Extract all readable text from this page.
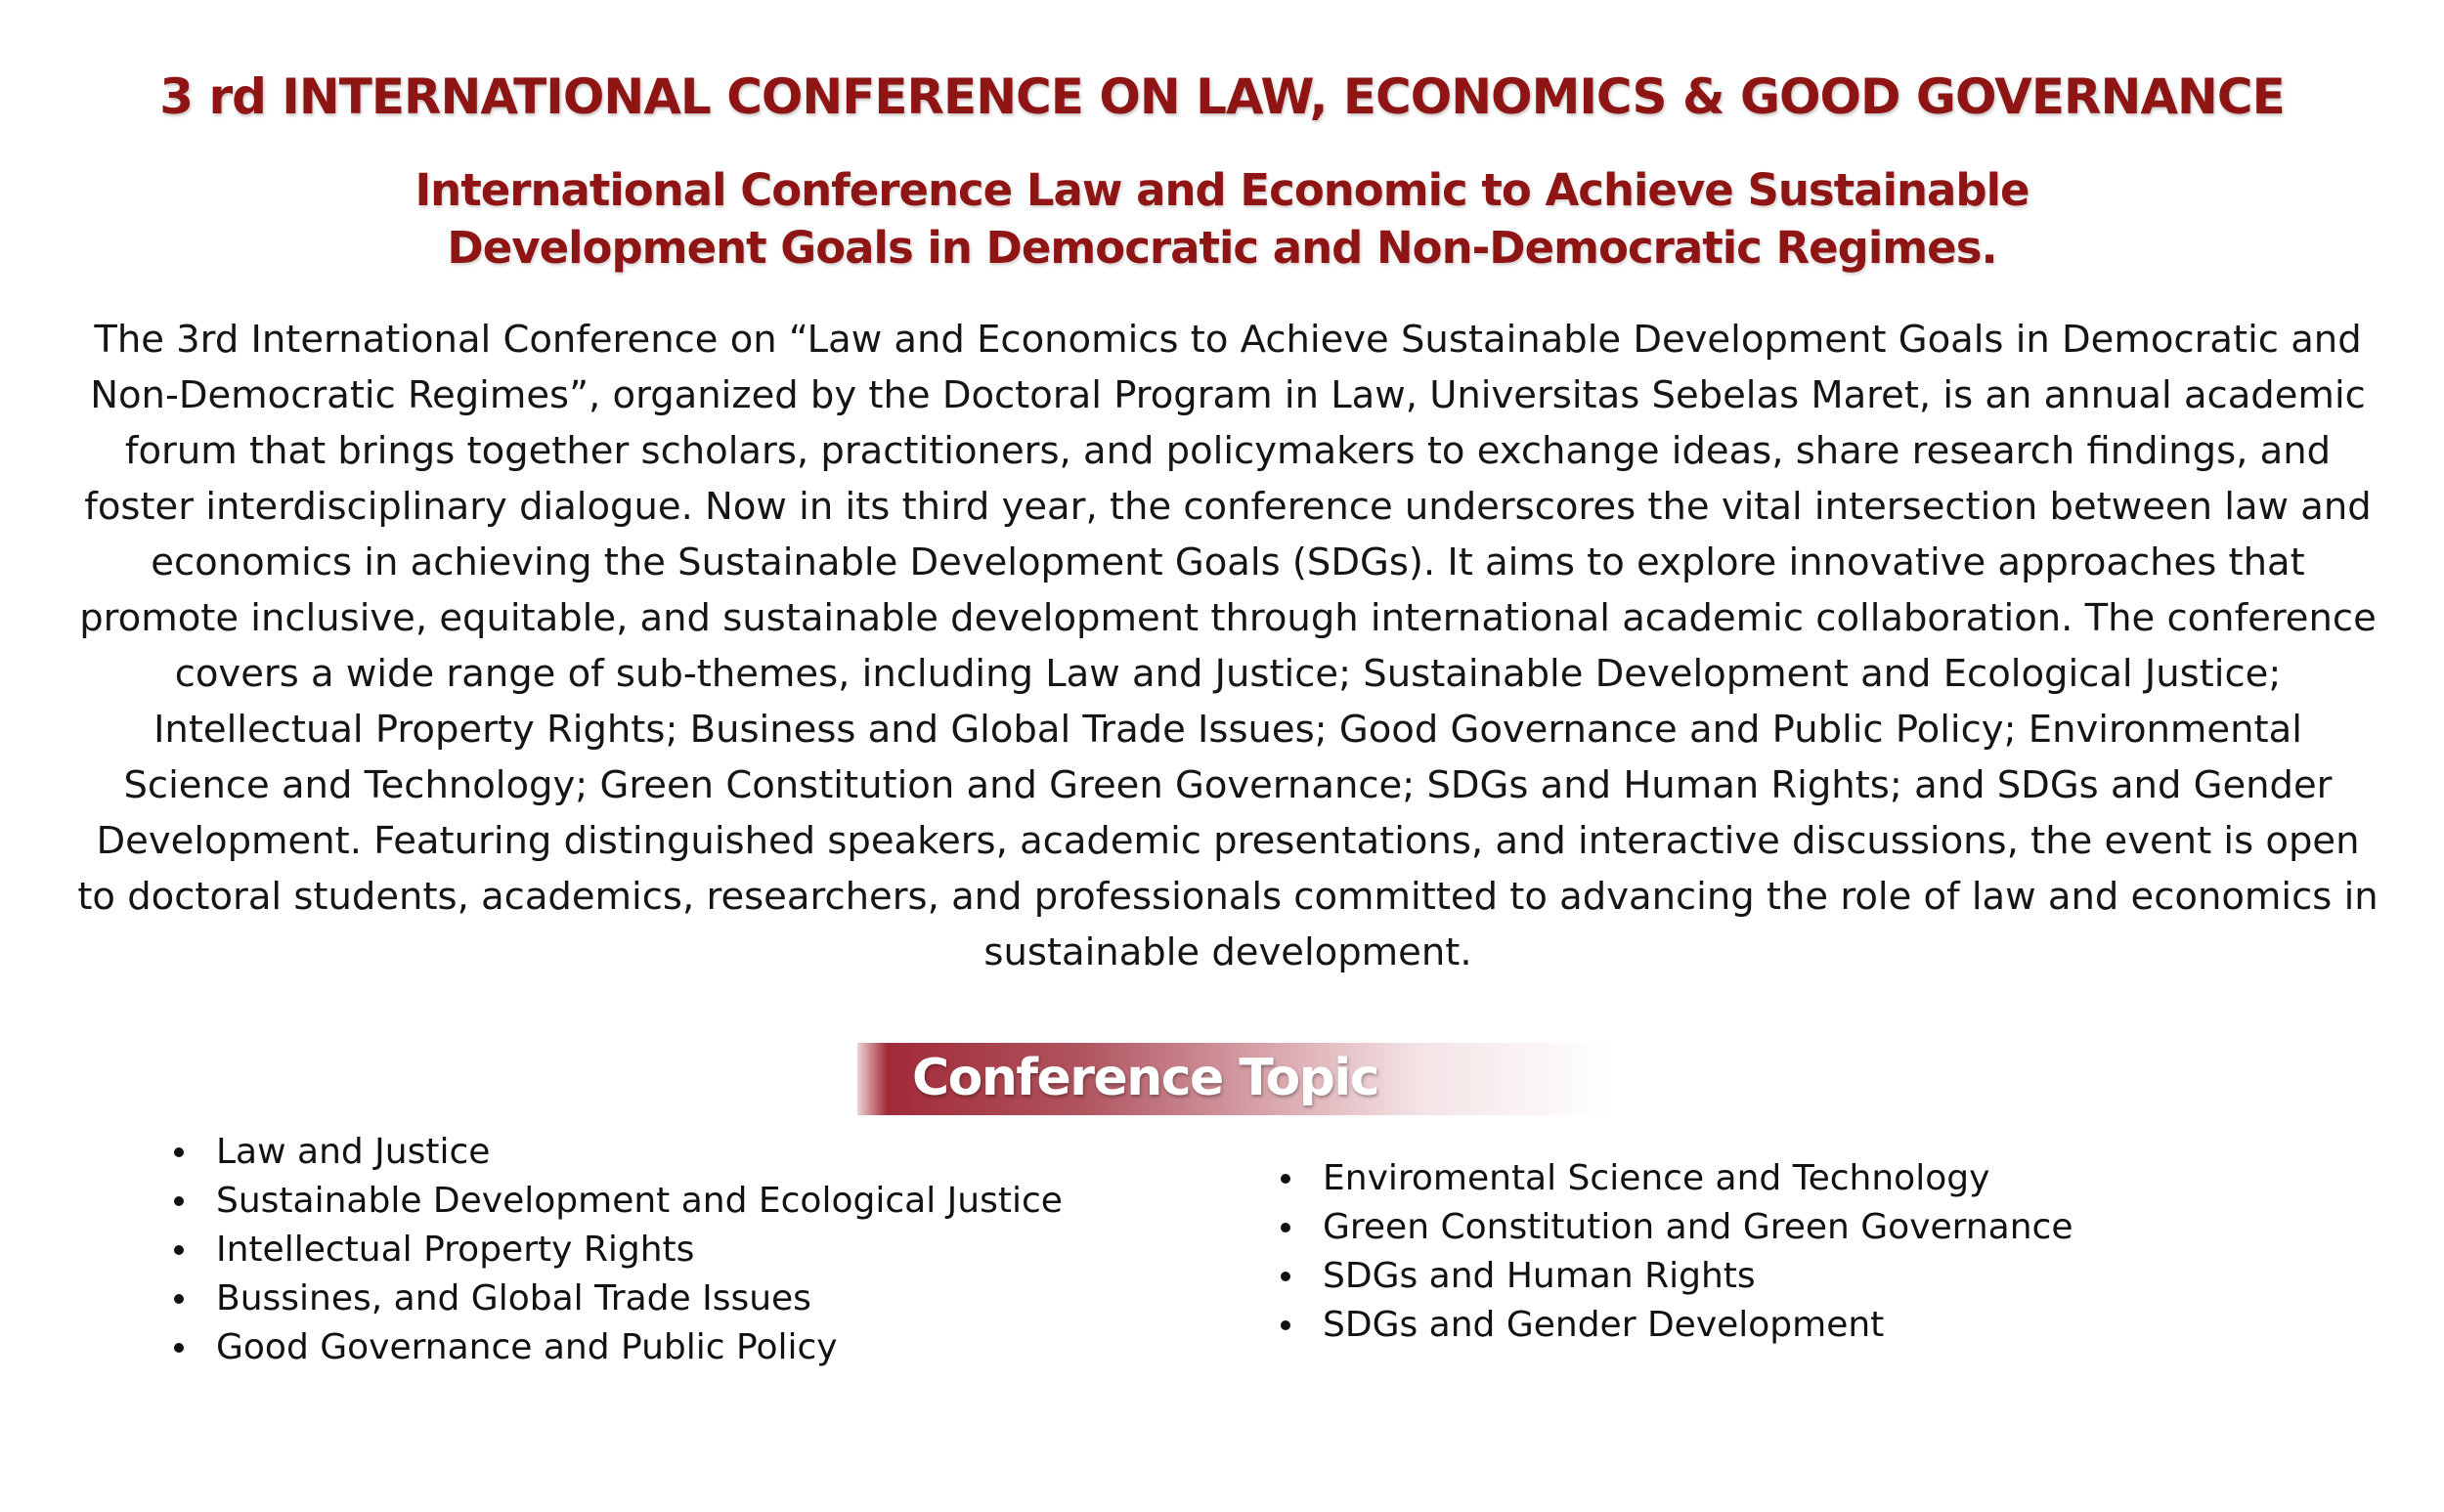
3 rd INTERNATIONAL CONFERENCE ON LAW, ECONOMICS & GOOD GOVERNANCE
International Conference Law and Economic to Achieve Sustainable Development Goals in Democratic and Non-Democratic Regimes.

The 3rd International Conference on “Law and Economics to Achieve Sustainable Development Goals in Democratic and Non-Democratic Regimes”, organized by the Doctoral Program in Law, Universitas Sebelas Maret, is an annual academic forum that brings together scholars, practitioners, and policymakers to exchange ideas, share research findings, and foster interdisciplinary dialogue. Now in its third year, the conference underscores the vital intersection between law and economics in achieving the Sustainable Development Goals (SDGs). It aims to explore innovative approaches that promote inclusive, equitable, and sustainable development through international academic collaboration. The conference covers a wide range of sub-themes, including Law and Justice; Sustainable Development and Ecological Justice; Intellectual Property Rights; Business and Global Trade Issues; Good Governance and Public Policy; Environmental Science and Technology; Green Constitution and Green Governance; SDGs and Human Rights; and SDGs and Gender Development. Featuring distinguished speakers, academic presentations, and interactive discussions, the event is open to doctoral students, academics, researchers, and professionals committed to advancing the role of law and economics in sustainable development.

Conference Topic
Law and Justice
Sustainable Development and Ecological Justice
Intellectual Property Rights
Bussines, and Global Trade Issues
Good Governance and Public Policy
Enviromental Science and Technology
Green Constitution and Green Governance
SDGs and Human Rights
SDGs and Gender Development
